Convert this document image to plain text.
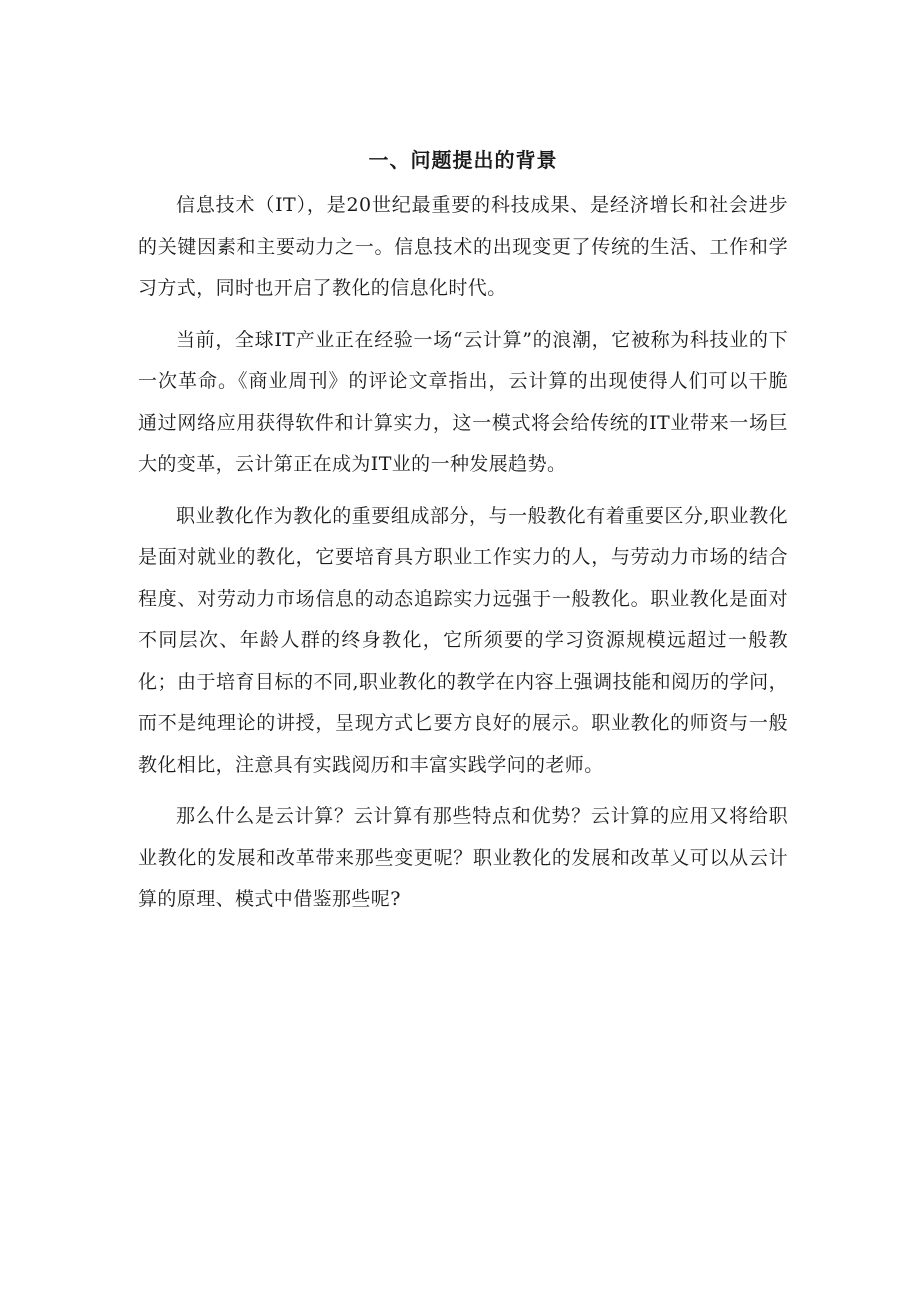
一、问题提出的背景

信息技术（IT），是20世纪最重要的科技成果、是经济增长和社会进步的关键因素和主要动力之一。信息技术的出现变更了传统的生活、工作和学习方式，同时也开启了教化的信息化时代。

当前，全球IT产业正在经验一场“云计算”的浪潮，它被称为科技业的下一次革命。《商业周刊》的评论文章指出，云计算的出现使得人们可以干脆通过网络应用获得软件和计算实力，这一模式将会给传统的IT业带来一场巨大的变革，云计第正在成为IT业的一种发展趋势。

职业教化作为教化的重要组成部分，与一般教化有着重要区分,职业教化是面对就业的教化，它要培育具方职业工作实力的人，与劳动力市场的结合程度、对劳动力市场信息的动态追踪实力远强于一般教化。职业教化是面对不同层次、年龄人群的终身教化，它所须要的学习资源规模远超过一般教化；由于培育目标的不同,职业教化的教学在内容上强调技能和阅历的学问，而不是纯理论的讲授，呈现方式匕要方良好的展示。职业教化的师资与一般教化相比，注意具有实践阅历和丰富实践学问的老师。

那么什么是云计算？云计算有那些特点和优势？云计算的应用又将给职业教化的发展和改革带来那些变更呢？职业教化的发展和改革乂可以从云计算的原理、模式中借鉴那些呢?
